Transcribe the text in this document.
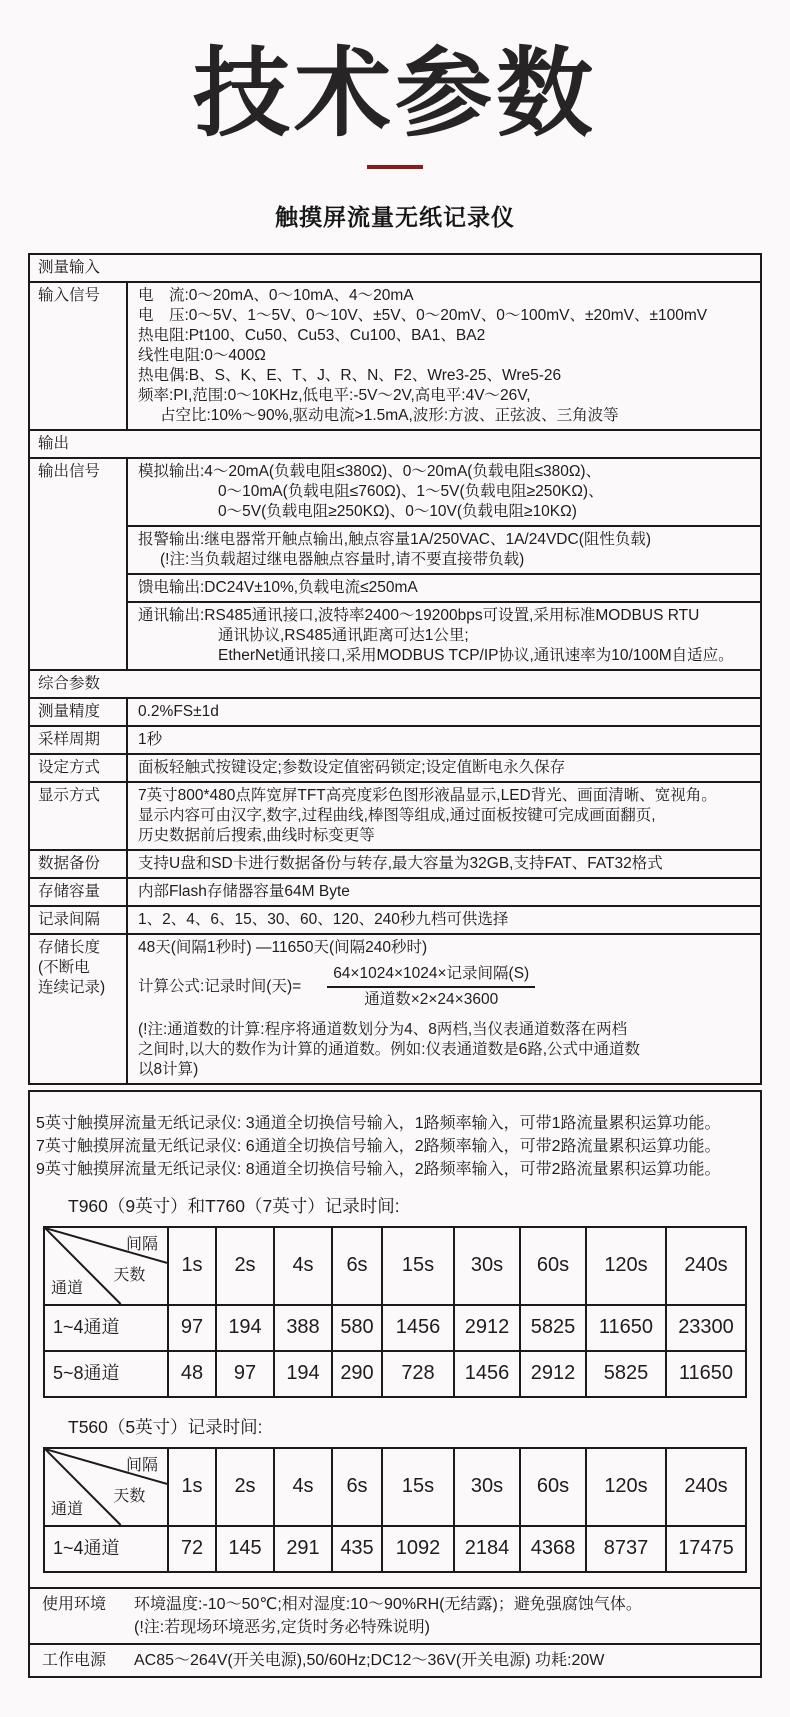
技术参数
触摸屏流量无纸记录仪
测量输入
输入信号	电　流:0～20mA、0～10mA、4～20mA
电　压:0～5V、1～5V、0～10V、±5V、0～20mV、0～100mV、±20mV、±100mV
热电阻:Pt100、Cu50、Cu53、Cu100、BA1、BA2
线性电阻:0～400Ω
热电偶:B、S、K、E、T、J、R、N、F2、Wre3-25、Wre5-26
频率:PI,范围:0～10KHz,低电平:-5V～2V,高电平:4V～26V,
占空比:10%～90%,驱动电流>1.5mA,波形:方波、正弦波、三角波等
输出
输出信号	模拟输出:4～20mA(负载电阻≤380Ω)、0～20mA(负载电阻≤380Ω)、
0～10mA(负载电阻≤760Ω)、1～5V(负载电阻≥250KΩ)、
0～5V(负载电阻≥250KΩ)、0～10V(负载电阻≥10KΩ)
报警输出:继电器常开触点输出,触点容量1A/250VAC、1A/24VDC(阻性负载)
(!注:当负载超过继电器触点容量时,请不要直接带负载)
馈电输出:DC24V±10%,负载电流≤250mA
通讯输出:RS485通讯接口,波特率2400～19200bps可设置,采用标准MODBUS RTU
通讯协议,RS485通讯距离可达1公里;
EtherNet通讯接口,采用MODBUS TCP/IP协议,通讯速率为10/100M自适应。
综合参数
测量精度	0.2%FS±1d
采样周期	1秒
设定方式	面板轻触式按键设定;参数设定值密码锁定;设定值断电永久保存
显示方式	7英寸800*480点阵宽屏TFT高亮度彩色图形液晶显示,LED背光、画面清晰、宽视角。
显示内容可由汉字,数字,过程曲线,棒图等组成,通过面板按键可完成画面翻页,
历史数据前后搜索,曲线时标变更等
数据备份	支持U盘和SD卡进行数据备份与转存,最大容量为32GB,支持FAT、FAT32格式
存储容量	内部Flash存储器容量64M Byte
记录间隔	1、2、4、6、15、30、60、120、240秒九档可供选择
存储长度
(不断电
连续记录)
48天(间隔1秒时) —11650天(间隔240秒时)
计算公式:记录时间(天)= $\frac{\text{64×1024×1024×记录间隔(S)}}{\text{通道数×2×24×3600}}$
(!注:通道数的计算:程序将通道数划分为4、8两档,当仪表通道数落在两档
之间时,以大的数作为计算的通道数。例如:仪表通道数是6路,公式中通道数
以8计算)
5英寸触摸屏流量无纸记录仪: 3通道全切换信号输入，1路频率输入，可带1路流量累积运算功能。
7英寸触摸屏流量无纸记录仪: 6通道全切换信号输入，2路频率输入，可带2路流量累积运算功能。
9英寸触摸屏流量无纸记录仪: 8通道全切换信号输入，2路频率输入，可带2路流量累积运算功能。
T960（9英寸）和T760（7英寸）记录时间:
间隔
天数
通道	1s	2s	4s	6s	15s	30s	60s	120s	240s
1~4通道	97	194	388	580	1456	2912	5825	11650	23300
5~8通道	48	97	194	290	728	1456	2912	5825	11650
T560（5英寸）记录时间:
间隔
天数
通道	1s	2s	4s	6s	15s	30s	60s	120s	240s
1~4通道	72	145	291	435	1092	2184	4368	8737	17475
使用环境	环境温度:-10～50℃;相对湿度:10～90%RH(无结露)；避免强腐蚀气体。
(!注:若现场环境恶劣,定货时务必特殊说明)
工作电源	AC85～264V(开关电源),50/60Hz;DC12～36V(开关电源) 功耗:20W
